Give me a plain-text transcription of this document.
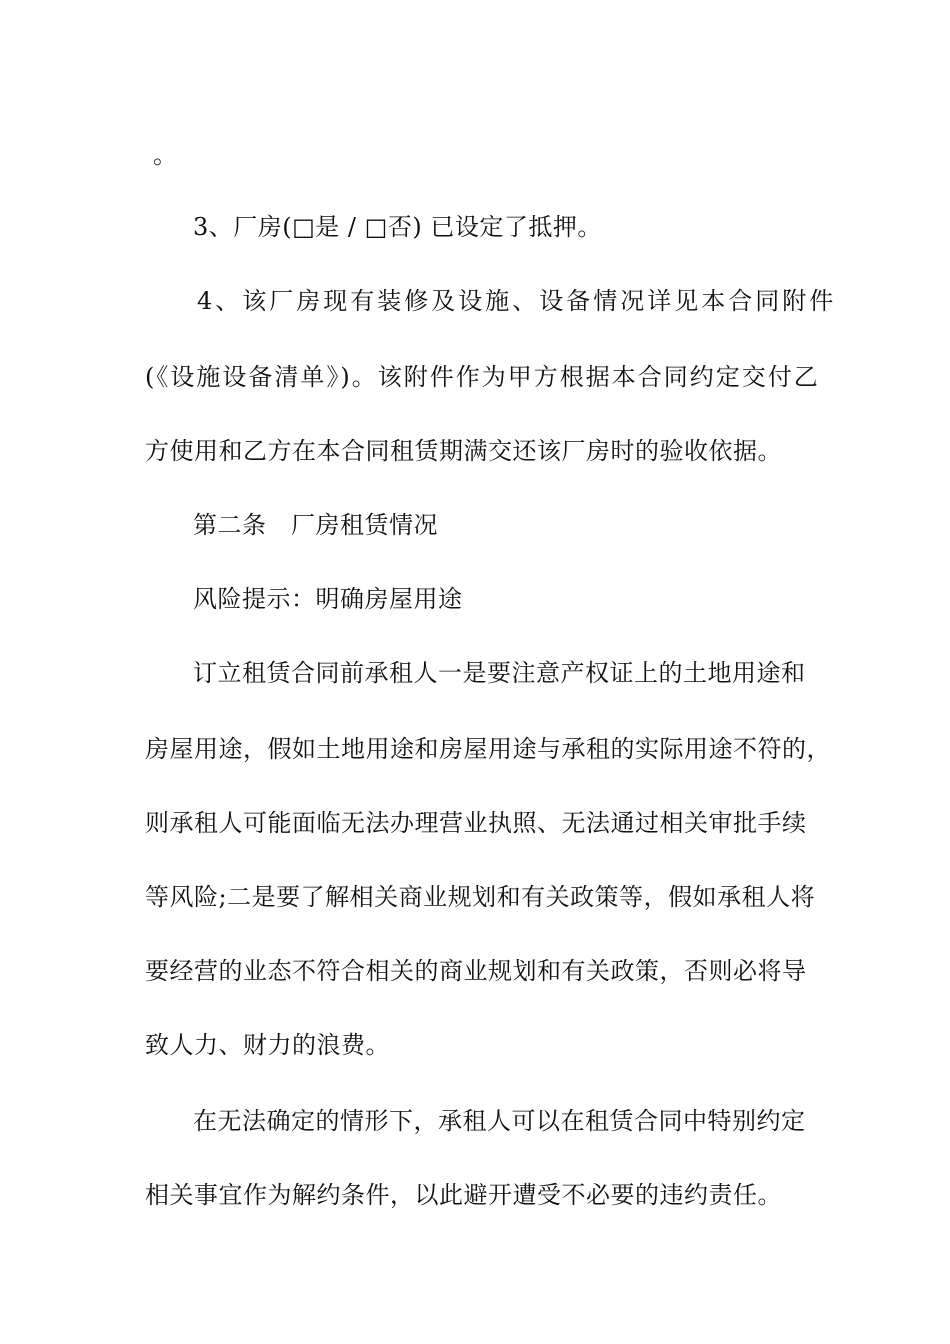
。
3、厂房(□是 / □否) 已设定了抵押。
4、该厂房现有装修及设施、设备情况详见本合同附件
(《设施设备清单》)。该附件作为甲方根据本合同约定交付乙
方使用和乙方在本合同租赁期满交还该厂房时的验收依据。
第二条　厂房租赁情况
风险提示：明确房屋用途
订立租赁合同前承租人一是要注意产权证上的土地用途和
房屋用途，假如土地用途和房屋用途与承租的实际用途不符的，
则承租人可能面临无法办理营业执照、无法通过相关审批手续
等风险;二是要了解相关商业规划和有关政策等，假如承租人将
要经营的业态不符合相关的商业规划和有关政策，否则必将导
致人力、财力的浪费。
在无法确定的情形下，承租人可以在租赁合同中特别约定
相关事宜作为解约条件，以此避开遭受不必要的违约责任。
